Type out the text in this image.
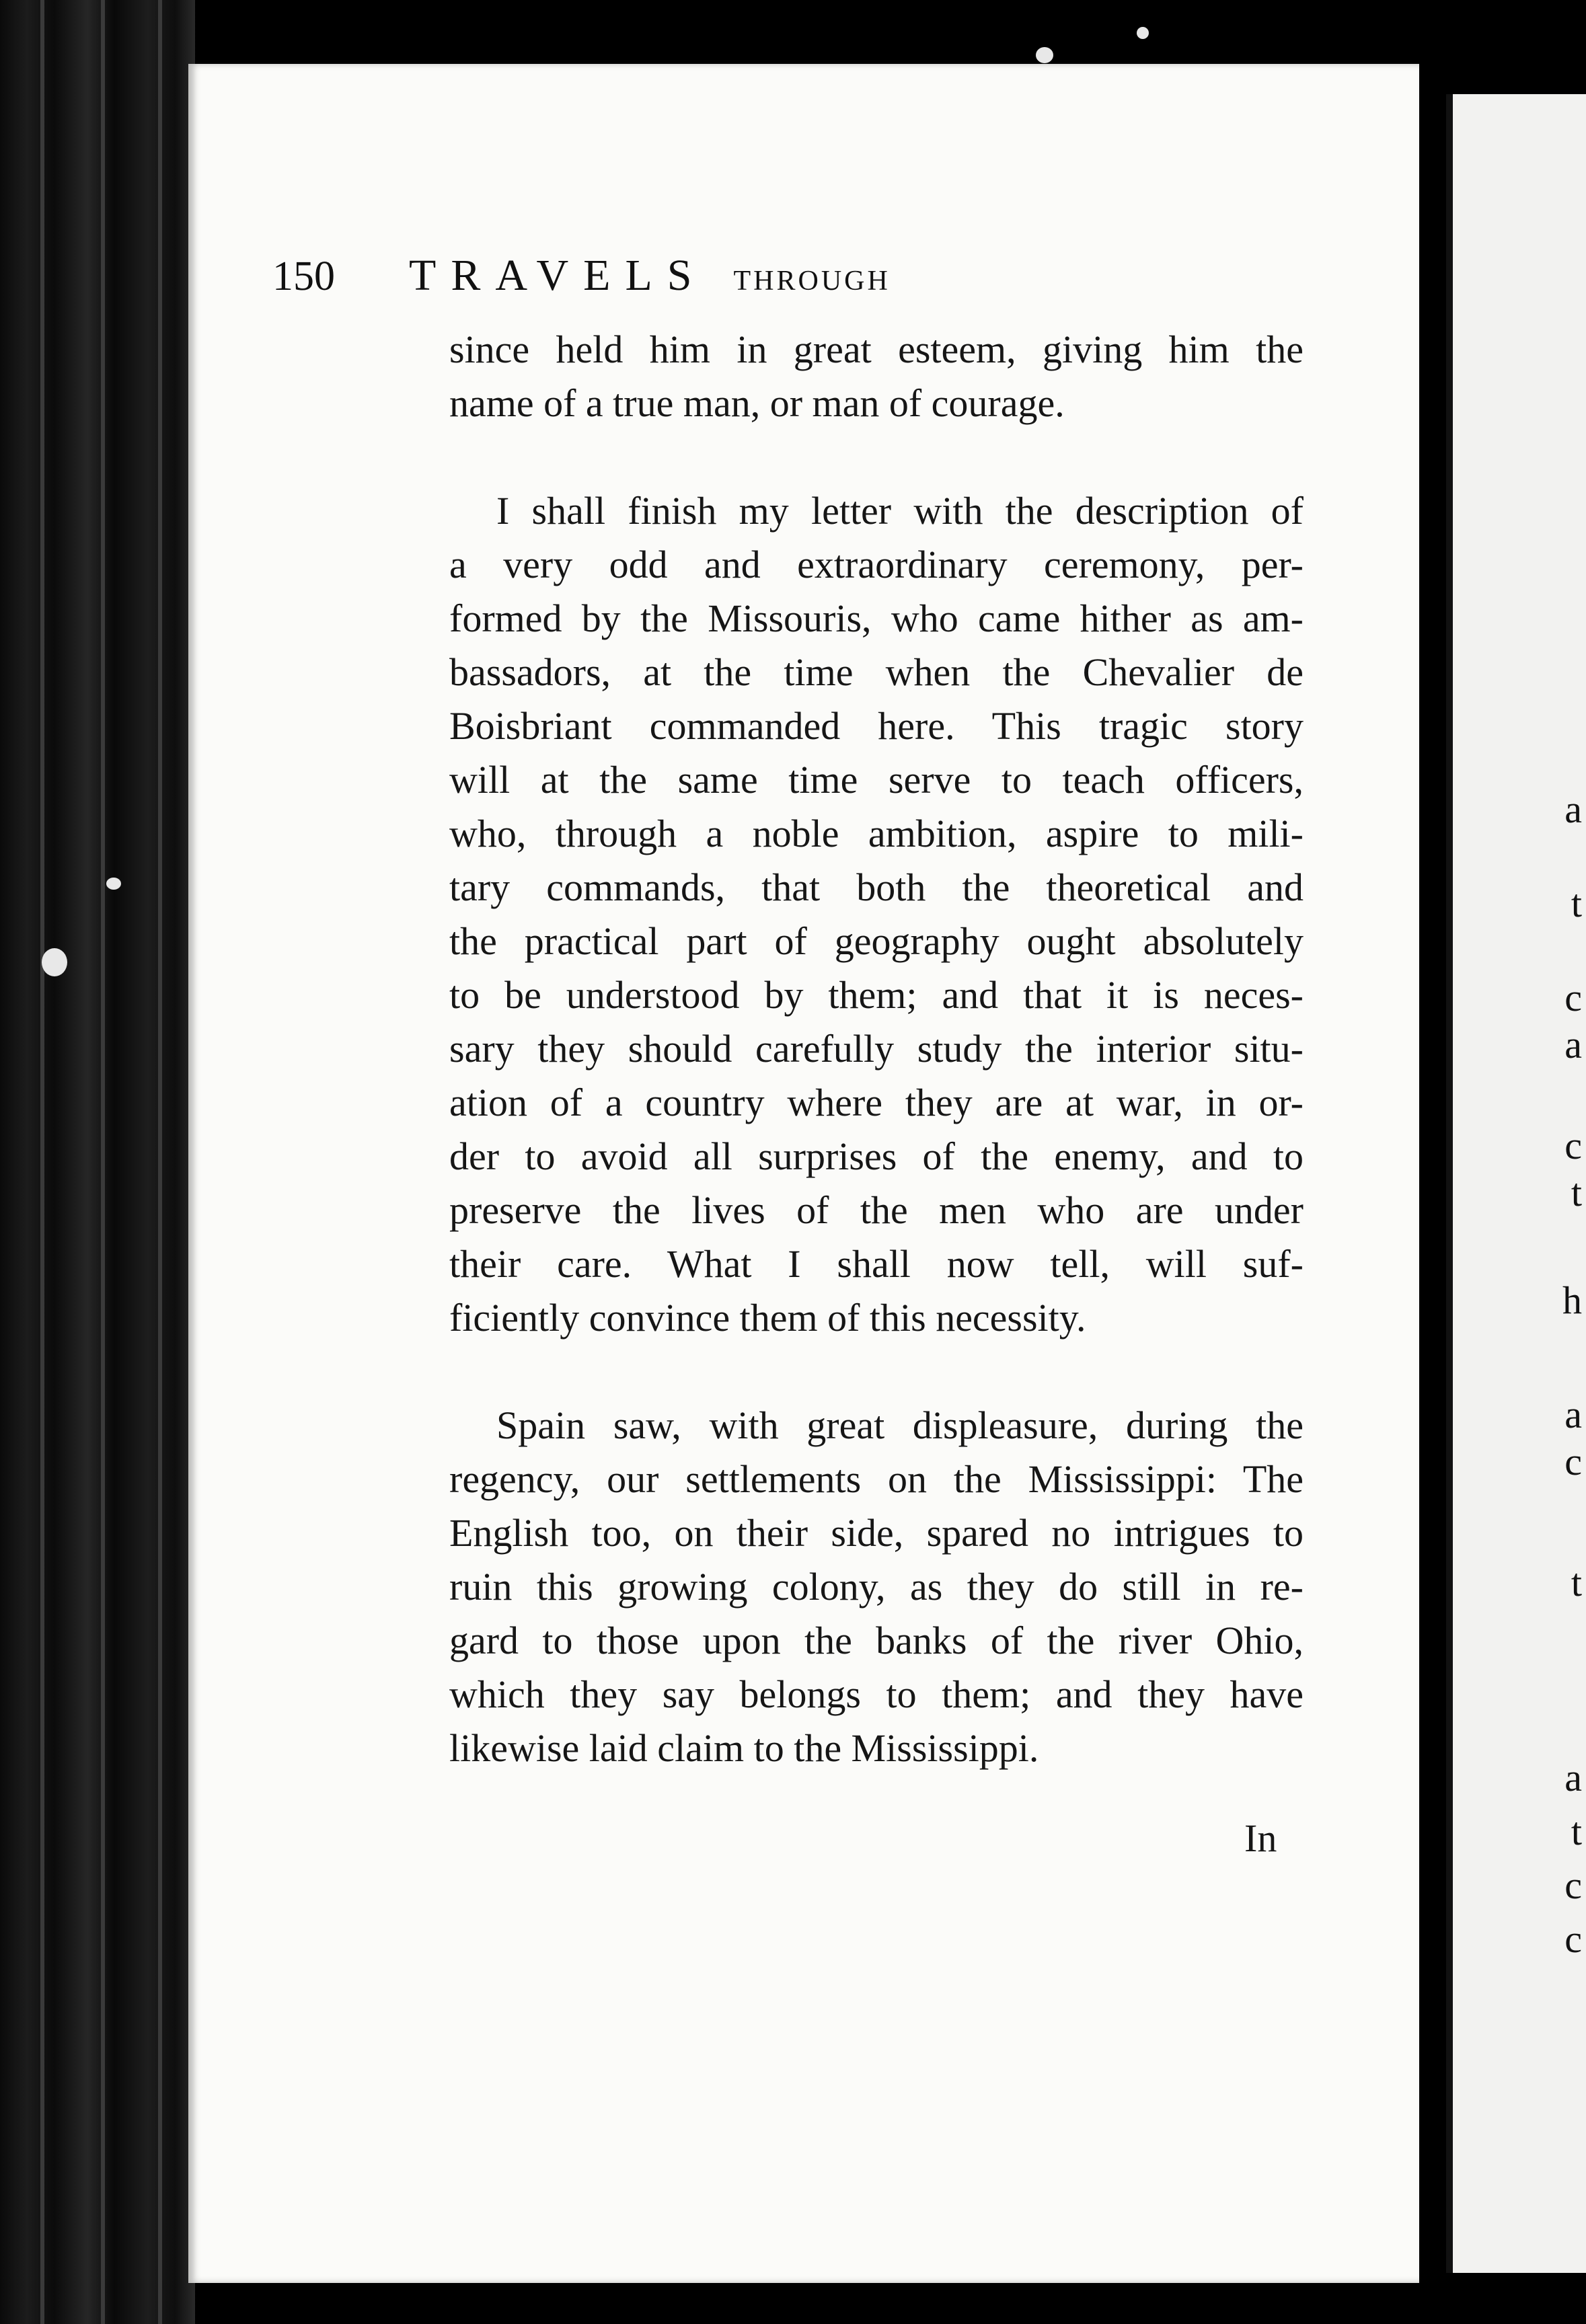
a
t
c
a
c
t
h
a
c
t
a
t
c
c
150 TRAVELS THROUGH

since held him in great esteem, giving him the
name of a true man, or man of courage.

I shall finish my letter with the description of
a very odd and extraordinary ceremony, per-
formed by the Missouris, who came hither as am-
bassadors, at the time when the Chevalier de
Boisbriant commanded here. This tragic story
will at the same time serve to teach officers,
who, through a noble ambition, aspire to mili-
tary commands, that both the theoretical and
the practical part of geography ought absolutely
to be understood by them; and that it is neces-
sary they should carefully study the interior situ-
ation of a country where they are at war, in or-
der to avoid all surprises of the enemy, and to
preserve the lives of the men who are under
their care. What I shall now tell, will suf-
ficiently convince them of this necessity.

Spain saw, with great displeasure, during the
regency, our settlements on the Mississippi: The
English too, on their side, spared no intrigues to
ruin this growing colony, as they do still in re-
gard to those upon the banks of the river Ohio,
which they say belongs to them; and they have
likewise laid claim to the Mississippi.

In
